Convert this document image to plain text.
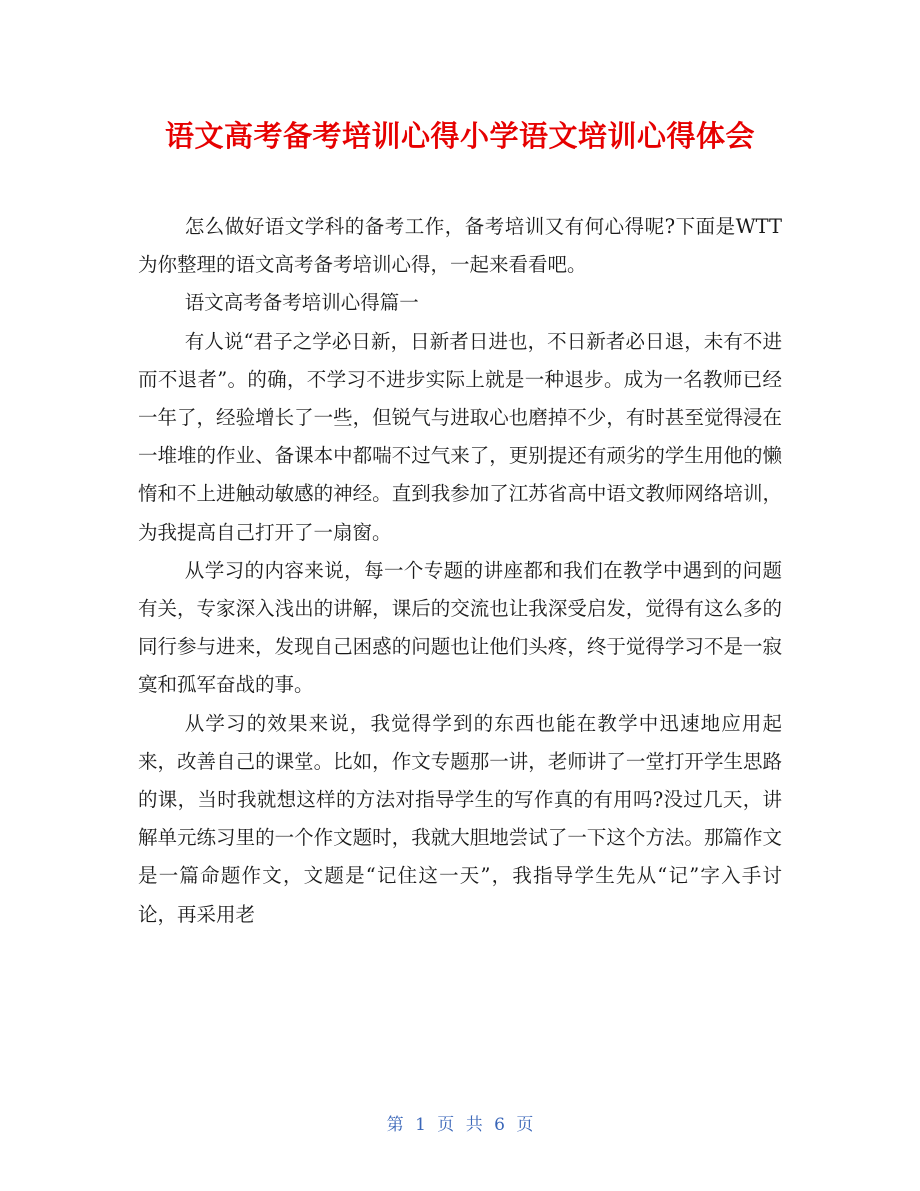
语文高考备考培训心得小学语文培训心得体会

怎么做好语文学科的备考工作，备考培训又有何心得呢?下面是WTT为你整理的语文高考备考培训心得，一起来看看吧。

语文高考备考培训心得篇一

有人说“君子之学必日新，日新者日进也，不日新者必日退，未有不进而不退者”。的确，不学习不进步实际上就是一种退步。成为一名教师已经一年了，经验增长了一些，但锐气与进取心也磨掉不少，有时甚至觉得浸在一堆堆的作业、备课本中都喘不过气来了，更别提还有顽劣的学生用他的懒惰和不上进触动敏感的神经。直到我参加了江苏省高中语文教师网络培训，为我提高自己打开了一扇窗。

从学习的内容来说，每一个专题的讲座都和我们在教学中遇到的问题有关，专家深入浅出的讲解，课后的交流也让我深受启发，觉得有这么多的同行参与进来，发现自己困惑的问题也让他们头疼，终于觉得学习不是一寂寞和孤军奋战的事。

从学习的效果来说，我觉得学到的东西也能在教学中迅速地应用起来，改善自己的课堂。比如，作文专题那一讲，老师讲了一堂打开学生思路的课，当时我就想这样的方法对指导学生的写作真的有用吗?没过几天，讲解单元练习里的一个作文题时，我就大胆地尝试了一下这个方法。那篇作文是一篇命题作文，文题是“记住这一天”，我指导学生先从“记”字入手讨论，再采用老

第 1 页 共 6 页
